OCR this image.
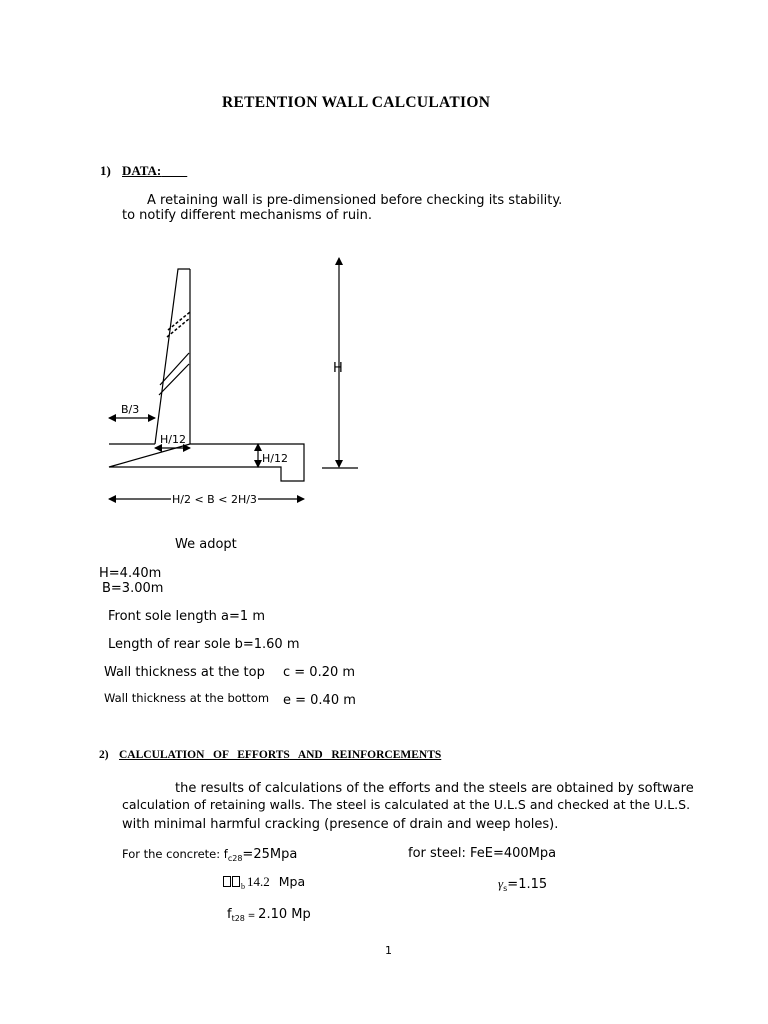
RETENTION WALL CALCULATION
1) DATA:
A retaining wall is pre-dimensioned before checking its stability.
to notify different mechanisms of ruin.
H
B/3
H/12
H/12
H/2 < B < 2H/3
We adopt
H=4.40m
B=3.00m
Front sole length a=1 m
Length of rear sole b=1.60 m
Wall thickness at the top c = 0.20 m
Wall thickness at the bottom e = 0.40 m
2) CALCULATION   OF   EFFORTS   AND   REINFORCEMENTS
the results of calculations of the efforts and the steels are obtained by software
calculation of retaining walls. The steel is calculated at the U.L.S and checked at the U.L.S.
with minimal harmful cracking (presence of drain and weep holes).
For the concrete: $f_{c28}=25Mpa$	for steel: FeE=400Mpa
$_b$ 14.2 Mpa	$\gamma_s=1.15$
$f_{t28} = 2.10$ Mp
1
